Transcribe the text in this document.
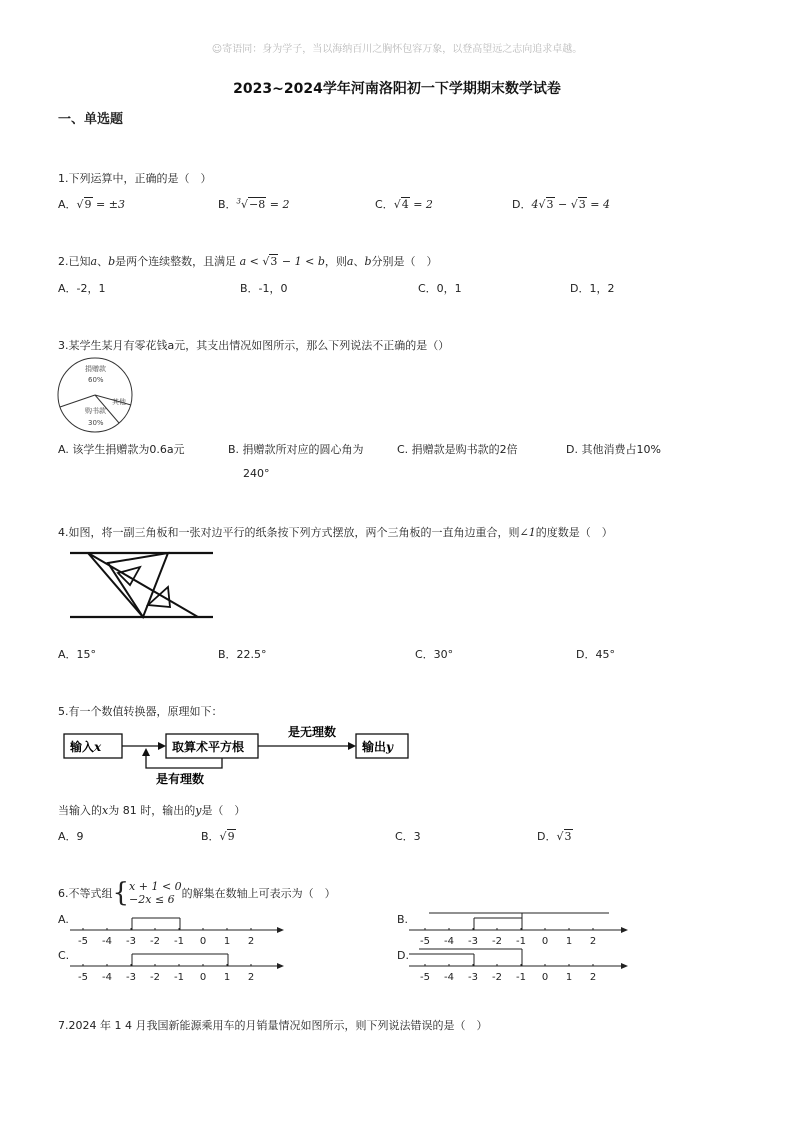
☺寄语同：身为学子，当以海纳百川之胸怀包容万象，以登高望远之志向追求卓越。
2023~2024学年河南洛阳初一下学期期末数学试卷
一、单选题
1.下列运算中，正确的是（　）
A．√9 = ±3	B．$^3$√−8 = 2	C．√4 = 2	D．4√3 − √3 = 4
2.已知a、b是两个连续整数，且满足 a < √3 − 1 < b，则a、b分别是（　）
A．-2，1	B．-1，0	C．0，1	D．1，2
3.某学生某月有零花钱a元，其支出情况如图所示，那么下列说法不正确的是（）
捐赠款
60%
其他
购书款
30%
A. 该学生捐赠款为0.6a元	B. 捐赠款所对应的圆心角为
240°
C. 捐赠款是购书款的2倍	D. 其他消费占10%
4.如图，将一副三角板和一张对边平行的纸条按下列方式摆放，两个三角板的一直角边重合，则∠1的度数是（　）
A．15°	B．22.5°	C．30°	D．45°
5.有一个数值转换器，原理如下：
输入x	取算术平方根	输出y
是无理数
是有理数
当输入的x为 81 时，输出的y是（　）
A．9	B．√9	C．3	D．√3
6.不等式组{x + 1 < 0
−2x ≤ 6 的解集在数轴上可表示为（　）
A.
-5 -4 -3 -2 -1 0 1 2
B.
-5 -4 -3 -2 -1 0 1 2
C.
-5 -4 -3 -2 -1 0 1 2
D.
-5 -4 -3 -2 -1 0 1 2
7.2024 年 1 4 月我国新能源乘用车的月销量情况如图所示，则下列说法错误的是（　）
